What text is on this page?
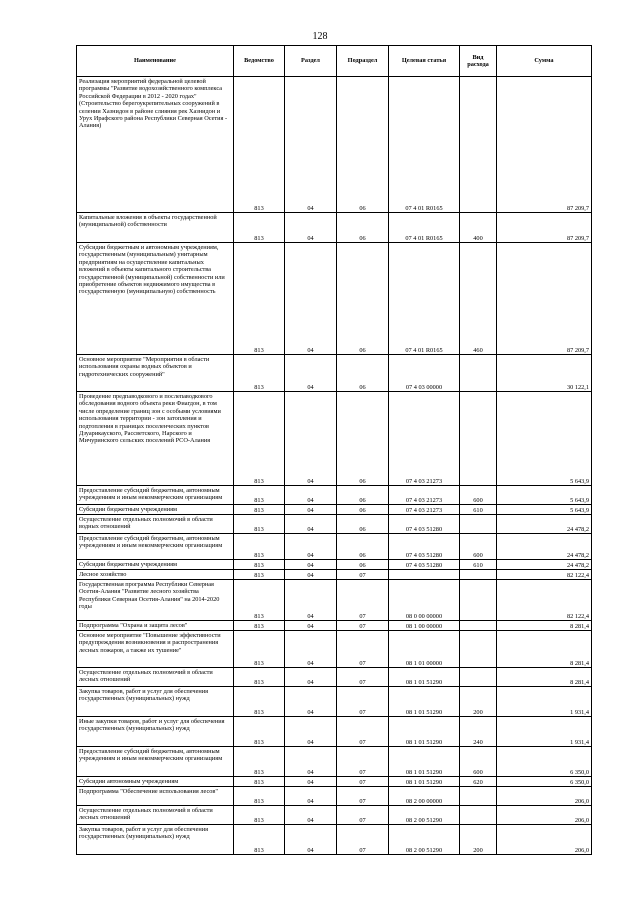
128
Наименование	Ведомство	Раздел	Подраздел	Целевая статья	Вид расхода	Сумма
Реализация мероприятий федеральной целевой программы "Развитие водохозяйственного комплекса Российской Федерации в 2012 - 2020 годах" (Строительство берегоукрепительных сооружений в селении Хазнидон в районе слияния рек Хазнидон и Урух Ирафского района Республики Северная Осетия - Алания)	813	04	06	07 4 01 R0165		87 209,7
Капитальные вложения в объекты государственной (муниципальной) собственности	813	04	06	07 4 01 R0165	400	87 209,7
Субсидии бюджетным и автономным учреждениям, государственным (муниципальным) унитарным предприятиям на осуществление капитальных вложений в объекты капитального строительства государственной (муниципальной) собственности или приобретение объектов недвижимого имущества в государственную (муниципальную) собственность	813	04	06	07 4 01 R0165	460	87 209,7
Основное мероприятие "Мероприятия в области использования охраны водных объектов и гидротехнических сооружений"	813	04	06	07 4 03 00000		30 122,1
Проведение предпаводкового и послепаводкового обследования водного объекта реки Фиагдон, в том числе определение границ зон с особыми условиями использования территории - зон затопления и подтопления в границах поселенческих пунктов Дзуарикауского, Рассветского, Нарского и Мичуринского сельских поселений РСО-Алания	813	04	06	07 4 03 21273		5 643,9
Предоставление субсидий бюджетным, автономным учреждениям и иным некоммерческим организациям	813	04	06	07 4 03 21273	600	5 643,9
Субсидии бюджетным учреждениям	813	04	06	07 4 03 21273	610	5 643,9
Осуществление отдельных полномочий в области водных отношений	813	04	06	07 4 03 51280		24 478,2
Предоставление субсидий бюджетным, автономным учреждениям и иным некоммерческим организациям	813	04	06	07 4 03 51280	600	24 478,2
Субсидии бюджетным учреждениям	813	04	06	07 4 03 51280	610	24 478,2
Лесное хозяйство	813	04	07			82 122,4
Государственная программа Республики Северная Осетия-Алания "Развитие лесного хозяйства Республики Северная Осетия-Алания" на 2014-2020 годы	813	04	07	08 0 00 00000		82 122,4
Подпрограмма "Охрана и защита лесов"	813	04	07	08 1 00 00000		8 281,4
Основное мероприятие "Повышение эффективности предупреждения возникновения и распространения лесных пожаров, а также их тушение"	813	04	07	08 1 01 00000		8 281,4
Осуществление отдельных полномочий в области лесных отношений	813	04	07	08 1 01 51290		8 281,4
Закупка товаров, работ и услуг для обеспечения государственных (муниципальных) нужд	813	04	07	08 1 01 51290	200	1 931,4
Иные закупки товаров, работ и услуг для обеспечения государственных (муниципальных) нужд	813	04	07	08 1 01 51290	240	1 931,4
Предоставление субсидий бюджетным, автономным учреждениям и иным некоммерческим организациям	813	04	07	08 1 01 51290	600	6 350,0
Субсидии автономным учреждениям	813	04	07	08 1 01 51290	620	6 350,0
Подпрограмма "Обеспечение использования лесов"	813	04	07	08 2 00 00000		206,0
Осуществление отдельных полномочий в области лесных отношений	813	04	07	08 2 00 51290		206,0
Закупка товаров, работ и услуг для обеспечения государственных (муниципальных) нужд	813	04	07	08 2 00 51290	200	206,0
